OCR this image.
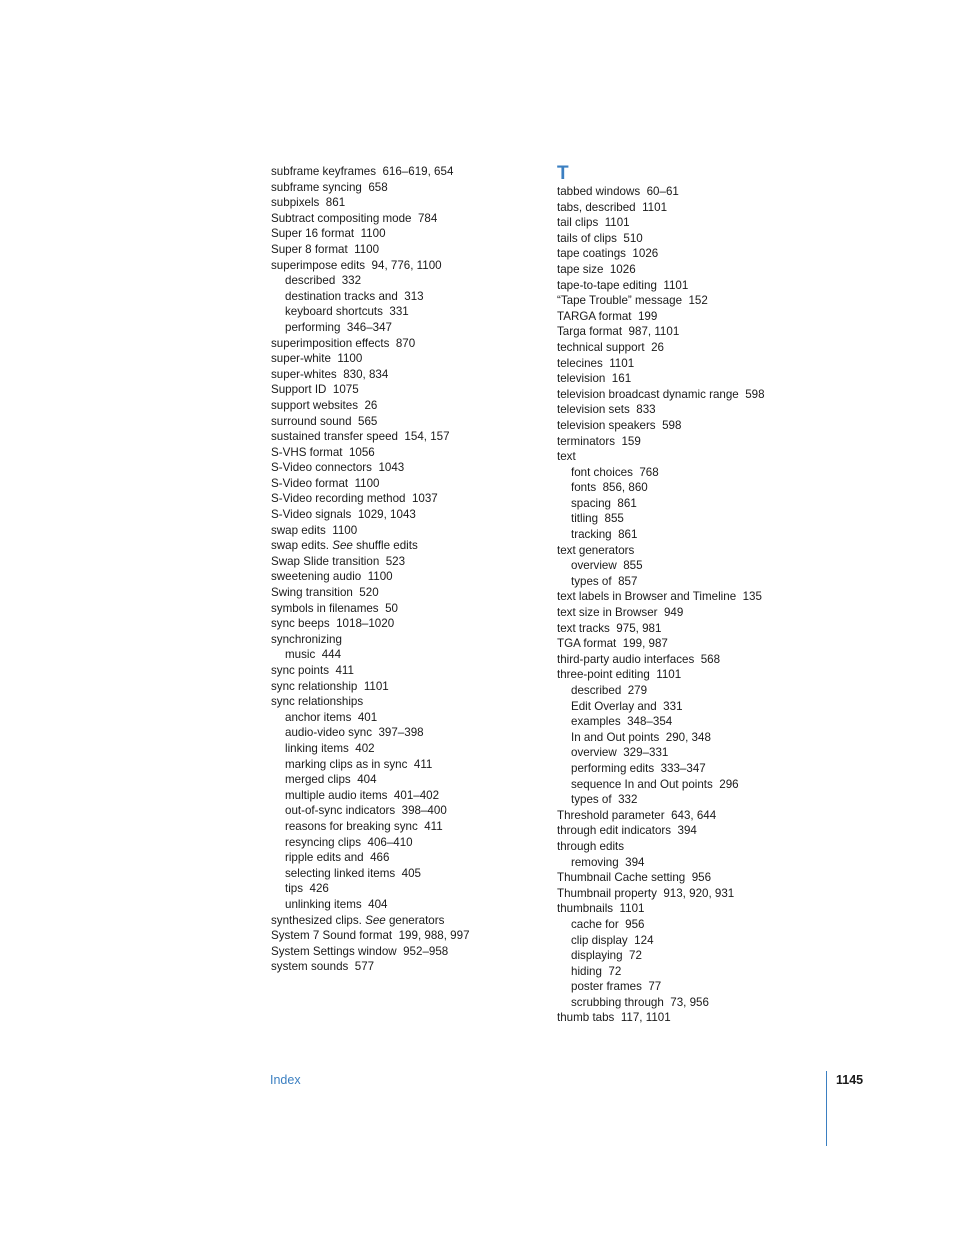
subframe keyframes 616–619, 654
subframe syncing 658
subpixels 861
Subtract compositing mode 784
Super 16 format 1100
Super 8 format 1100
superimpose edits 94, 776, 1100
described 332
destination tracks and 313
keyboard shortcuts 331
performing 346–347
superimposition effects 870
super-white 1100
super-whites 830, 834
Support ID 1075
support websites 26
surround sound 565
sustained transfer speed 154, 157
S-VHS format 1056
S-Video connectors 1043
S-Video format 1100
S-Video recording method 1037
S-Video signals 1029, 1043
swap edits 1100
swap edits. See shuffle edits
Swap Slide transition 523
sweetening audio 1100
Swing transition 520
symbols in filenames 50
sync beeps 1018–1020
synchronizing
music 444
sync points 411
sync relationship 1101
sync relationships
anchor items 401
audio-video sync 397–398
linking items 402
marking clips as in sync 411
merged clips 404
multiple audio items 401–402
out-of-sync indicators 398–400
reasons for breaking sync 411
resyncing clips 406–410
ripple edits and 466
selecting linked items 405
tips 426
unlinking items 404
synthesized clips. See generators
System 7 Sound format 199, 988, 997
System Settings window 952–958
system sounds 577
T
tabbed windows 60–61
tabs, described 1101
tail clips 1101
tails of clips 510
tape coatings 1026
tape size 1026
tape-to-tape editing 1101
“Tape Trouble” message 152
TARGA format 199
Targa format 987, 1101
technical support 26
telecines 1101
television 161
television broadcast dynamic range 598
television sets 833
television speakers 598
terminators 159
text
font choices 768
fonts 856, 860
spacing 861
titling 855
tracking 861
text generators
overview 855
types of 857
text labels in Browser and Timeline 135
text size in Browser 949
text tracks 975, 981
TGA format 199, 987
third-party audio interfaces 568
three-point editing 1101
described 279
Edit Overlay and 331
examples 348–354
In and Out points 290, 348
overview 329–331
performing edits 333–347
sequence In and Out points 296
types of 332
Threshold parameter 643, 644
through edit indicators 394
through edits
removing 394
Thumbnail Cache setting 956
Thumbnail property 913, 920, 931
thumbnails 1101
cache for 956
clip display 124
displaying 72
hiding 72
poster frames 77
scrubbing through 73, 956
thumb tabs 117, 1101
Index	1145
